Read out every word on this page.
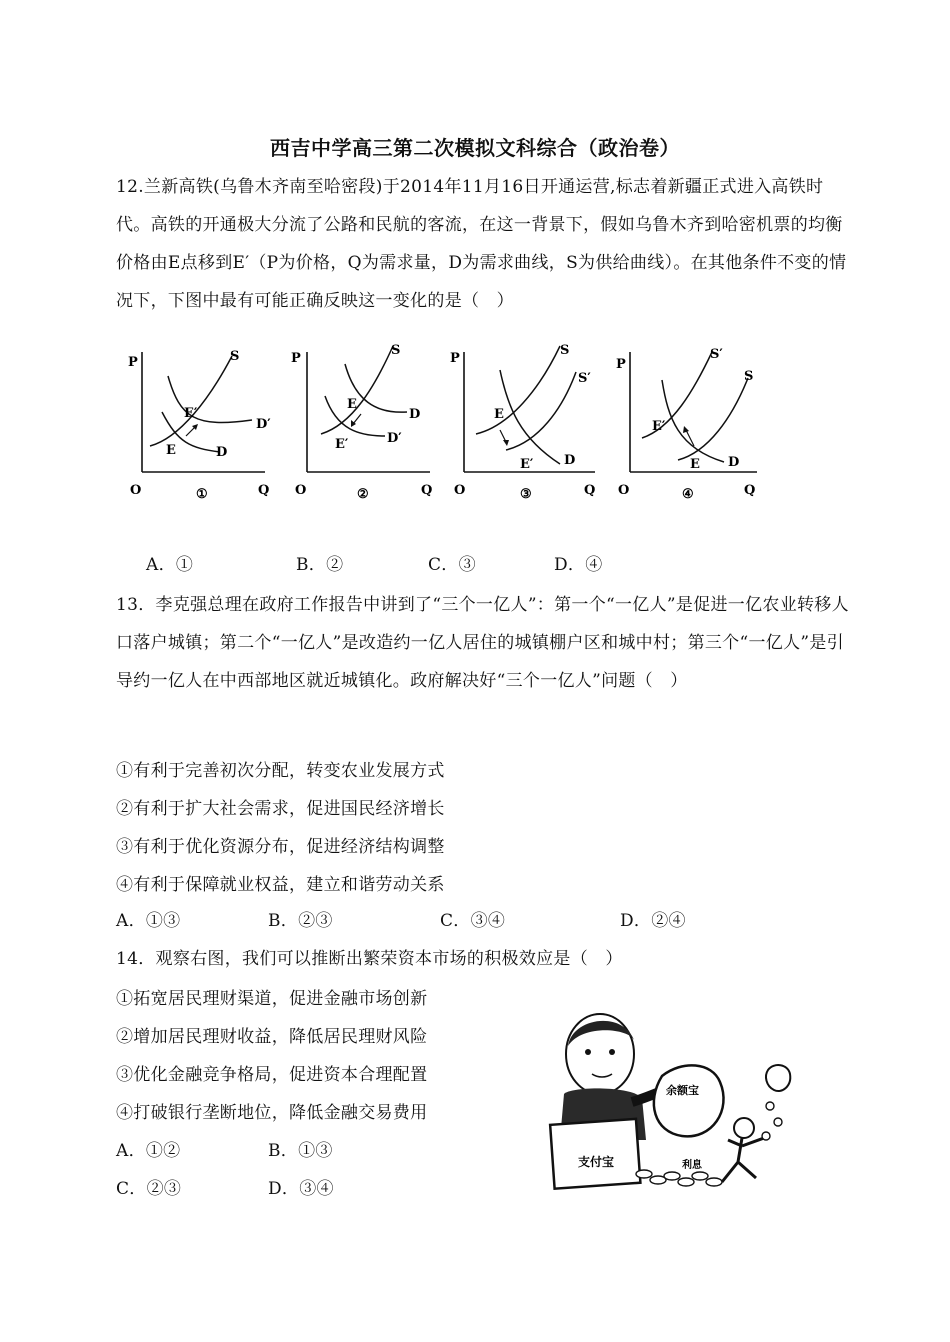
西吉中学高三第二次模拟文科综合（政治卷）
12.兰新高铁(乌鲁木齐南至哈密段)于2014年11月16日开通运营,标志着新疆正式进入高铁时代。高铁的开通极大分流了公路和民航的客流，在这一背景下，假如乌鲁木齐到哈密机票的均衡价格由E点移到E′（P为价格，Q为需求量，D为需求曲线，S为供给曲线）。在其他条件不变的情况下，下图中最有可能正确反映这一变化的是（　）
P
O	Q
S
D′
D
E′
E
①
P
O	Q
S
D
D′
E
E′
②
P
O	Q
S
S′
D
E
E′
③
P
O	Q
S′
S
D
E′
E
④
A．①	B．②	C．③	D．④
13．李克强总理在政府工作报告中讲到了“三个一亿人”：第一个“一亿人”是促进一亿农业转移人口落户城镇；第二个“一亿人”是改造约一亿人居住的城镇棚户区和城中村；第三个“一亿人”是引导约一亿人在中西部地区就近城镇化。政府解决好“三个一亿人”问题（　）
①有利于完善初次分配，转变农业发展方式
②有利于扩大社会需求，促进国民经济增长
③有利于优化资源分布，促进经济结构调整
④有利于保障就业权益，建立和谐劳动关系
A．①③	B．②③	C．③④	D．②④
14．观察右图，我们可以推断出繁荣资本市场的积极效应是（　）
①拓宽居民理财渠道，促进金融市场创新
②增加居民理财收益，降低居民理财风险
③优化金融竞争格局，促进资本合理配置
④打破银行垄断地位，降低金融交易费用
A．①②	B．①③
C．②③	D．③④
支付宝
余额宝
利息
